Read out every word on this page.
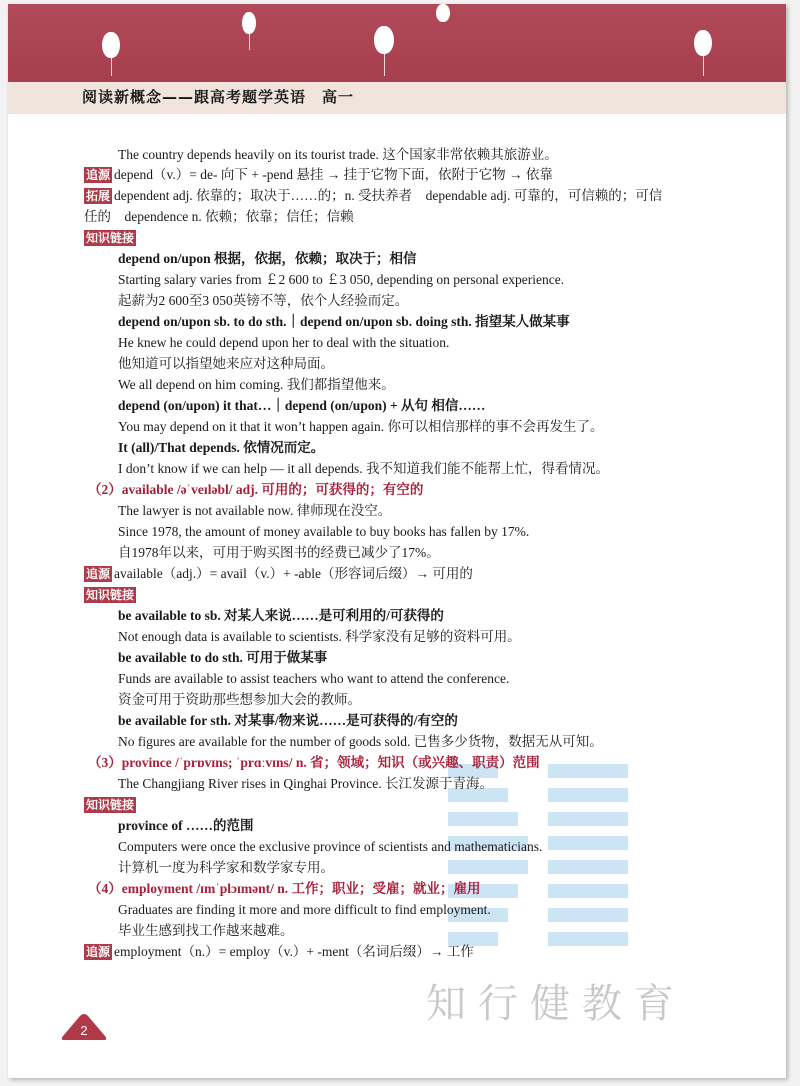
阅读新概念——跟高考题学英语　高一
知行健教育
The country depends heavily on its tourist trade. 这个国家非常依赖其旅游业。
追源 depend（v.）= de- 向下 + -pend 悬挂 → 挂于它物下面，依附于它物 → 依靠
拓展 dependent adj. 依靠的；取决于……的；n. 受扶养者　dependable adj. 可靠的，可信赖的；可信
任的　dependence n. 依赖；依靠；信任；信赖
知识链接
depend on/upon 根据，依据，依赖；取决于；相信
Starting salary varies from ￡2 600 to ￡3 050, depending on personal experience.
起薪为2 600至3 050英镑不等，依个人经验而定。
depend on/upon sb. to do sth.｜depend on/upon sb. doing sth. 指望某人做某事
He knew he could depend upon her to deal with the situation.
他知道可以指望她来应对这种局面。
We all depend on him coming. 我们都指望他来。
depend (on/upon) it that…｜depend (on/upon) + 从句 相信……
You may depend on it that it won’t happen again. 你可以相信那样的事不会再发生了。
It (all)/That depends. 依情况而定。
I don’t know if we can help — it all depends. 我不知道我们能不能帮上忙，得看情况。
（2）available /əˈveɪləbl/ adj. 可用的；可获得的；有空的
The lawyer is not available now. 律师现在没空。
Since 1978, the amount of money available to buy books has fallen by 17%.
自1978年以来，可用于购买图书的经费已减少了17%。
追源 available（adj.）= avail（v.）+ -able（形容词后缀）→ 可用的
知识链接
be available to sb. 对某人来说……是可利用的/可获得的
Not enough data is available to scientists. 科学家没有足够的资料可用。
be available to do sth. 可用于做某事
Funds are available to assist teachers who want to attend the conference.
资金可用于资助那些想参加大会的教师。
be available for sth. 对某事/物来说……是可获得的/有空的
No figures are available for the number of goods sold. 已售多少货物，数据无从可知。
（3）province /ˈprɒvɪns; ˈprɑːvɪns/ n. 省；领域；知识（或兴趣、职责）范围
The Changjiang River rises in Qinghai Province. 长江发源于青海。
知识链接
province of ……的范围
Computers were once the exclusive province of scientists and mathematicians.
计算机一度为科学家和数学家专用。
（4）employment /ɪmˈplɔɪmənt/ n. 工作；职业；受雇；就业；雇用
Graduates are finding it more and more difficult to find employment.
毕业生感到找工作越来越难。
追源 employment（n.）= employ（v.）+ -ment（名词后缀）→ 工作
2
